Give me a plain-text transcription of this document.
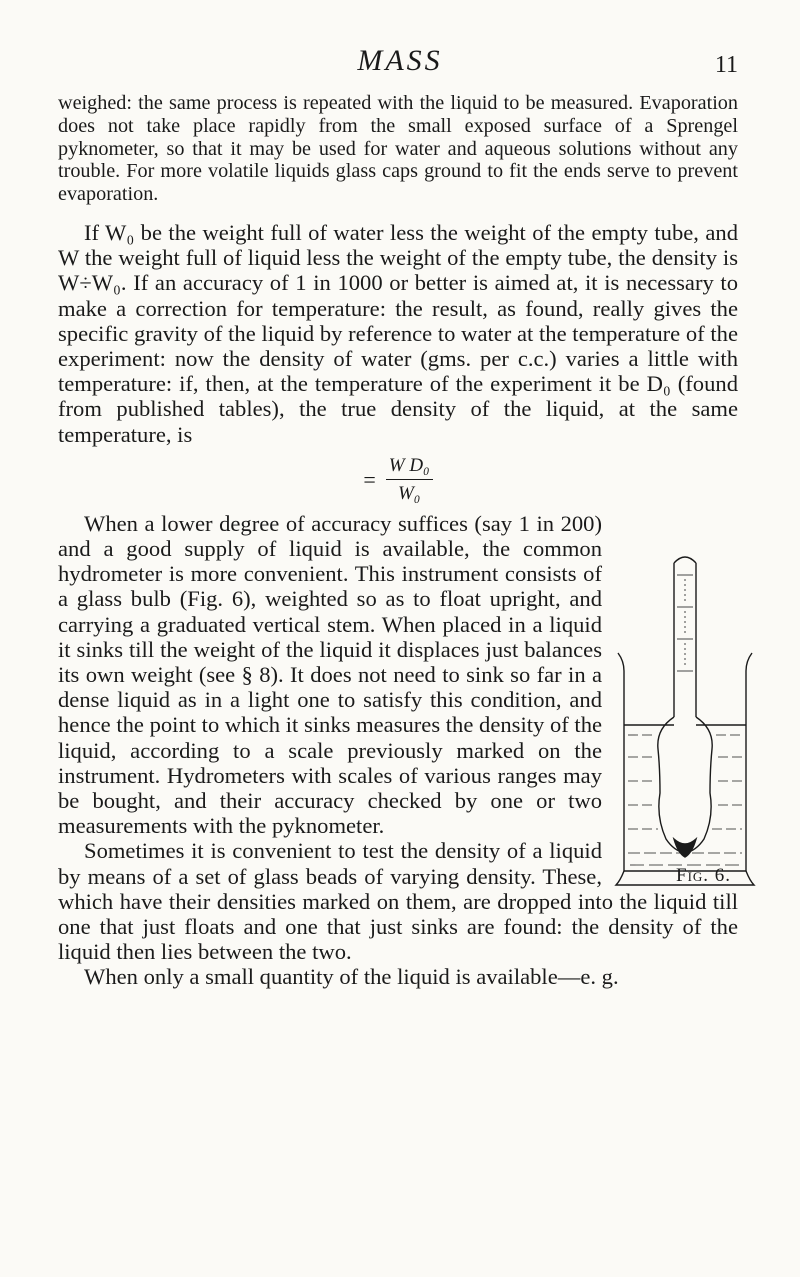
MASS	11

weighed: the same process is repeated with the liquid to be measured. Evaporation does not take place rapidly from the small exposed surface of a Sprengel pyknometer, so that it may be used for water and aqueous solutions without any trouble. For more volatile liquids glass caps ground to fit the ends serve to prevent evaporation.

If W₀ be the weight full of water less the weight of the empty tube, and W the weight full of liquid less the weight of the empty tube, the density is W÷W₀. If an accuracy of 1 in 1000 or better is aimed at, it is necessary to make a correction for temperature: the result, as found, really gives the specific gravity of the liquid by reference to water at the temperature of the experiment: now the density of water (gms. per c.c.) varies a little with temperature: if, then, at the temperature of the experiment it be D₀ (found from published tables), the true density of the liquid, at the same temperature, is

= $\frac{\text{W D₀}}{\text{W₀}}$
Fig. 6.

When a lower degree of accuracy suffices (say 1 in 200) and a good supply of liquid is available, the common hydrometer is more convenient. This instrument consists of a glass bulb (Fig. 6), weighted so as to float upright, and carrying a graduated vertical stem. When placed in a liquid it sinks till the weight of the liquid it displaces just balances its own weight (see § 8). It does not need to sink so far in a dense liquid as in a light one to satisfy this condition, and hence the point to which it sinks measures the density of the liquid, according to a scale previously marked on the instrument. Hydrometers with scales of various ranges may be bought, and their accuracy checked by one or two measurements with the pyknometer.

Sometimes it is convenient to test the density of a liquid by means of a set of glass beads of varying density. These, which have their densities marked on them, are dropped into the liquid till one that just floats and one that just sinks are found: the density of the liquid then lies between the two.

When only a small quantity of the liquid is available—e. g.
